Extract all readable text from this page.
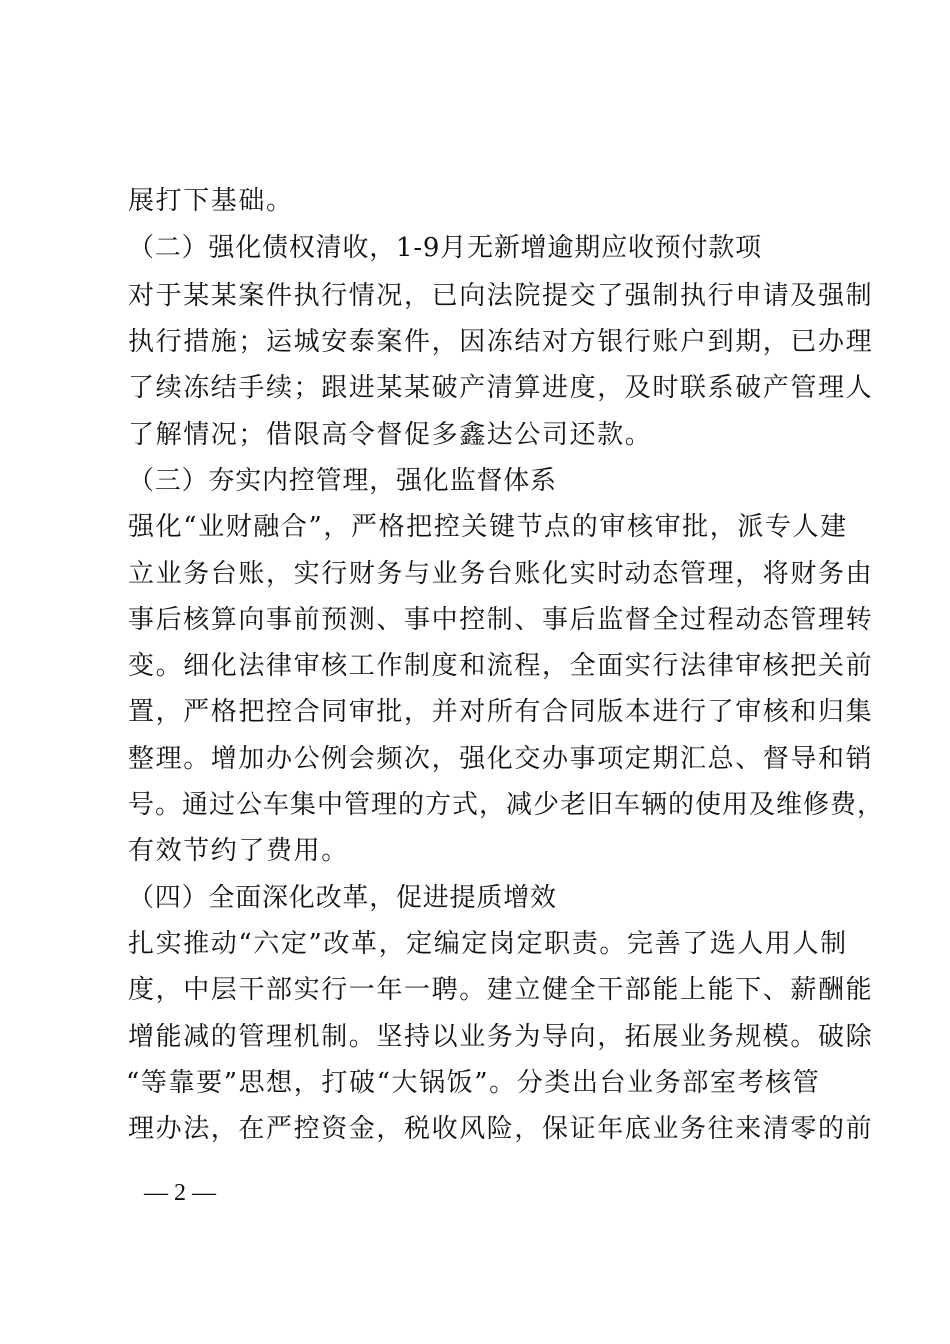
展打下基础。
（二）强化债权清收，1-9月无新增逾期应收预付款项
对于某某案件执行情况，已向法院提交了强制执行申请及强制
执行措施；运城安泰案件，因冻结对方银行账户到期，已办理
了续冻结手续；跟进某某破产清算进度，及时联系破产管理人
了解情况；借限高令督促多鑫达公司还款。
（三）夯实内控管理，强化监督体系
强化“业财融合”，严格把控关键节点的审核审批，派专人建
立业务台账，实行财务与业务台账化实时动态管理，将财务由
事后核算向事前预测、事中控制、事后监督全过程动态管理转
变。细化法律审核工作制度和流程，全面实行法律审核把关前
置，严格把控合同审批，并对所有合同版本进行了审核和归集
整理。增加办公例会频次，强化交办事项定期汇总、督导和销
号。通过公车集中管理的方式，减少老旧车辆的使用及维修费，
有效节约了费用。
（四）全面深化改革，促进提质增效
扎实推动“六定”改革，定编定岗定职责。完善了选人用人制
度，中层干部实行一年一聘。建立健全干部能上能下、薪酬能
增能减的管理机制。坚持以业务为导向，拓展业务规模。破除
“等靠要”思想，打破“大锅饭”。分类出台业务部室考核管
理办法，在严控资金，税收风险，保证年底业务往来清零的前
— 2 —
